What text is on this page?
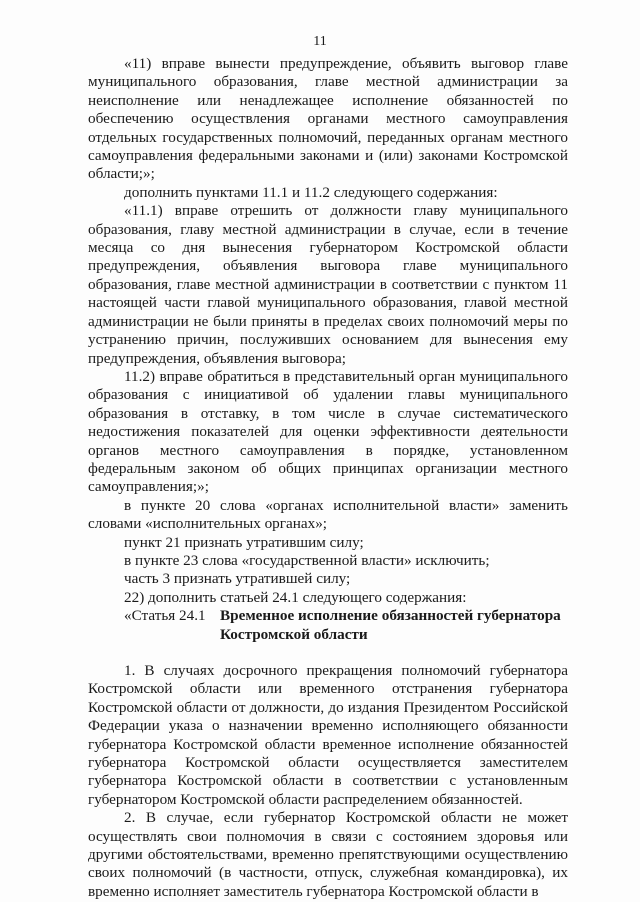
11

«11) вправе вынести предупреждение, объявить выговор главе муниципального образования, главе местной администрации за неисполнение или ненадлежащее исполнение обязанностей по обеспечению осуществления органами местного самоуправления отдельных государственных полномочий, переданных органам местного самоуправления федеральными законами и (или) законами Костромской области;»;

дополнить пунктами 11.1 и 11.2 следующего содержания:

«11.1) вправе отрешить от должности главу муниципального образования, главу местной администрации в случае, если в течение месяца со дня вынесения губернатором Костромской области предупреждения, объявления выговора главе муниципального образования, главе местной администрации в соответствии с пунктом 11 настоящей части главой муниципального образования, главой местной администрации не были приняты в пределах своих полномочий меры по устранению причин, послуживших основанием для вынесения ему предупреждения, объявления выговора;

11.2) вправе обратиться в представительный орган муниципального образования с инициативой об удалении главы муниципального образования в отставку, в том числе в случае систематического недостижения показателей для оценки эффективности деятельности органов местного самоуправления в порядке, установленном федеральным законом об общих принципах организации местного самоуправления;»;

в пункте 20 слова «органах исполнительной власти» заменить словами «исполнительных органах»;

пункт 21 признать утратившим силу;

в пункте 23 слова «государственной власти» исключить;

часть 3 признать утратившей силу;

22) дополнить статьей 24.1 следующего содержания:

«Статья 24.1 Временное исполнение обязанностей губернатора Костромской области

1. В случаях досрочного прекращения полномочий губернатора Костромской области или временного отстранения губернатора Костромской области от должности, до издания Президентом Российской Федерации указа о назначении временно исполняющего обязанности губернатора Костромской области временное исполнение обязанностей губернатора Костромской области осуществляется заместителем губернатора Костромской области в соответствии с установленным губернатором Костромской области распределением обязанностей.

2. В случае, если губернатор Костромской области не может осуществлять свои полномочия в связи с состоянием здоровья или другими обстоятельствами, временно препятствующими осуществлению своих полномочий (в частности, отпуск, служебная командировка), их временно исполняет заместитель губернатора Костромской области в
